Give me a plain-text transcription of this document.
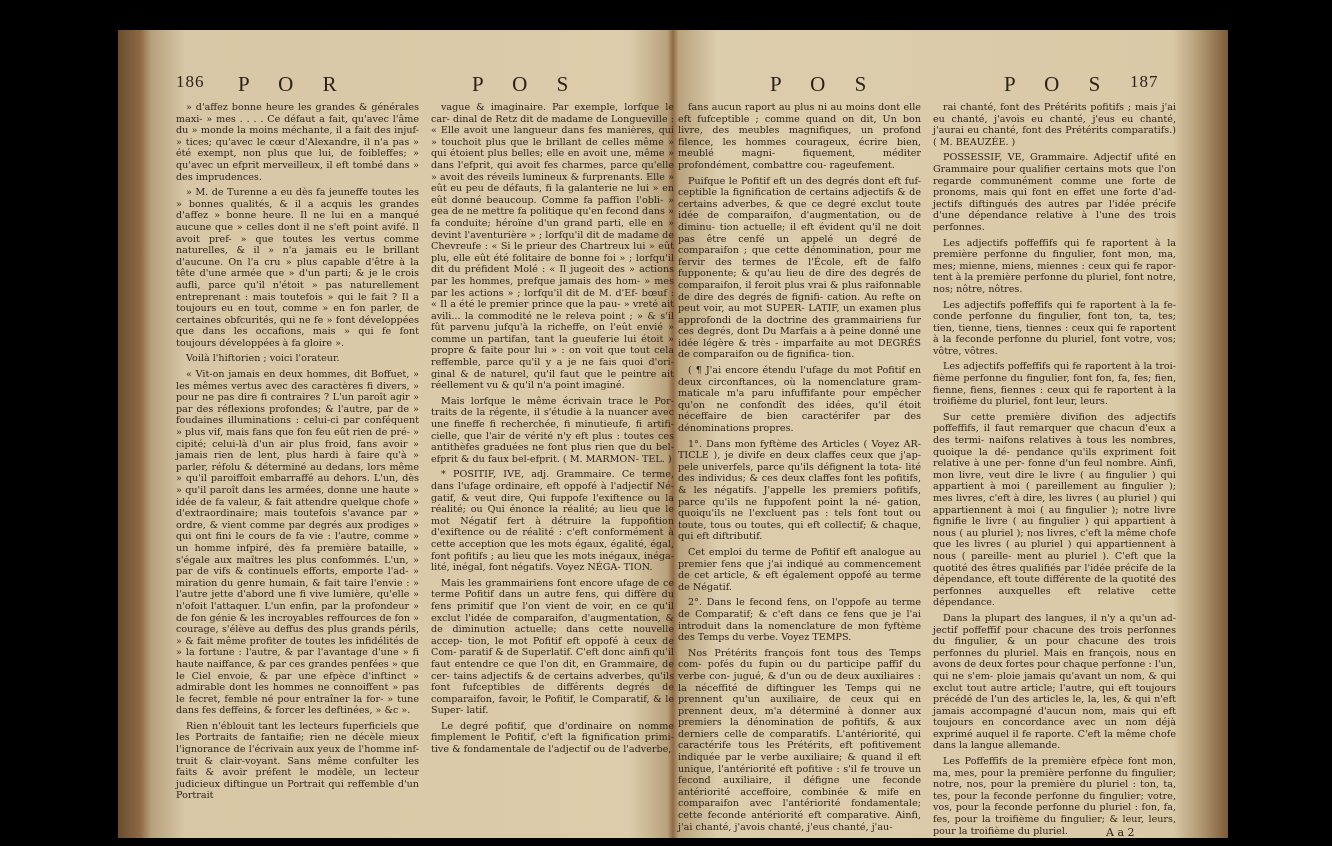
186 P O R	P O S

» d'affez bonne heure les grandes & générales maxi- » mes . . . . Ce défaut a fait, qu'avec l'âme du » monde la moins méchante, il a fait des injuf- » tices; qu'avec le cœur d'Alexandre, il n'a pas » été exempt, non plus que lui, de foibleffes; » qu'avec un efprit merveilleux, il eft tombé dans » des imprudences.

» M. de Turenne a eu dès fa jeuneffe toutes les » bonnes qualités, & il a acquis les grandes d'affez » bonne heure. Il ne lui en a manqué aucune que » celles dont il ne s'eft point avifé. Il avoit pref- » que toutes les vertus comme naturelles, & il » n'a jamais eu le brillant d'aucune. On l'a cru » plus capable d'être à la tête d'une armée que » d'un parti; & je le crois aufli, parce qu'il n'étoit » pas naturellement entreprenant : mais toutefois » qui le fait ? Il a toujours eu en tout, comme » en fon parler, de certaines obfcurités, qui ne fe » font développées que dans les occafions, mais » qui fe font toujours développées à fa gloire ».

Voilà l'hiftorien ; voici l'orateur.

« Vit-on jamais en deux hommes, dit Boffuet, » les mêmes vertus avec des caractères fi divers, » pour ne pas dire fi contraires ? L'un paroît agir » par des réflexions profondes; & l'autre, par de » foudaines illuminations : celui-ci par conféquent » plus vif, mais fans que fon feu eût rien de pré- » cipité; celui-là d'un air plus froid, fans avoir » jamais rien de lent, plus hardi à faire qu'à » parler, réfolu & déterminé au dedans, lors même » qu'il paroiffoit embarraffé au dehors. L'un, dès » qu'il paroît dans les armées, donne une haute » idée de fa valeur, & fait attendre quelque chofe » d'extraordinaire; mais toutefois s'avance par » ordre, & vient comme par degrés aux prodiges » qui ont fini le cours de fa vie : l'autre, comme » un homme infpiré, dès fa première bataille, » s'égale aux maîtres les plus confommés. L'un, » par de vifs & continuels efforts, emporte l'ad- » miration du genre humain, & fait taire l'envie : » l'autre jette d'abord une fi vive lumière, qu'elle » n'ofoit l'attaquer. L'un enfin, par la profondeur » de fon génie & les incroyables reffources de fon » courage, s'élève au deffus des plus grands périls, » & fait même profiter de toutes les infidélités de » la fortune : l'autre, & par l'avantage d'une » fi haute naiffance, & par ces grandes penfées » que le Ciel envoie, & par une efpèce d'inftinct » admirable dont les hommes ne connoiffent » pas le fecret, femble né pour entraîner la for- » tune dans fes deffeins, & forcer les deftinées, » &c ».

Rien n'éblouit tant les lecteurs fuperficiels que les Portraits de fantaifie; rien ne décèle mieux l'ignorance de l'écrivain aux yeux de l'homme inf- truit & clair-voyant. Sans même confulter les faits & avoir préfent le modèle, un lecteur judicieux diftingue un Portrait qui reffemble d'un Portrait

vague & imaginaire. Par exemple, lorfque le car- dinal de Retz dit de madame de Longueville : « Elle avoit une langueur dans fes manières, qui » touchoit plus que le brillant de celles même » qui étoient plus belles; elle en avoit une, même » dans l'efprit, qui avoit fes charmes, parce qu'elle » avoit des réveils lumineux & furprenants. Elle » eût eu peu de défauts, fi la galanterie ne lui » en eût donné beaucoup. Comme fa paffion l'obli- » gea de ne mettre fa politique qu'en fecond dans » fa conduite; héroïne d'un grand parti, elle en » devint l'aventurière » ; lorfqu'il dit de madame de Chevreufe : « Si le prieur des Chartreux lui » eût plu, elle eût été folitaire de bonne foi » ; lorfqu'il dit du préfident Molé : « Il jugeoit des » actions par les hommes, prefque jamais des hom- » mes par les actions » ; lorfqu'il dit de M. d'Ef- bœuf : « Il a été le premier prince que la pau- » vreté ait avili... la commodité ne le releva point ; » & s'il fût parvenu jufqu'à la richeffe, on l'eût envié » comme un partifan, tant la gueuferie lui étoit » propre & faite pour lui » : on voit que tout cela reffemble, parce qu'il y a je ne fais quoi d'ori- ginal & de naturel, qu'il faut que le peintre ait réellement vu & qu'il n'a point imaginé.

Mais lorfque le même écrivain trace le Por- traits de la régente, il s'étudie à la nuancer avec une fineffe fi recherchée, fi minutieufe, fi artifi- cielle, que l'air de vérité n'y eft plus : toutes ces antithèfes graduées ne font plus rien que du bel-efprit & du faux bel-efprit. ( M. MARMON- TEL. )

* POSITIF, IVE, adj. Grammaire. Ce terme, dans l'ufage ordinaire, eft oppofé à l'adjectif Né- gatif, & veut dire, Qui fuppofe l'exiftence ou la réalité; ou Qui énonce la réalité; au lieu que le mot Négatif fert à détruire la fuppofition d'exiftence ou de réalité : c'eft conformément à cette acception que les mots égaux, égalité, égal, font pofitifs ; au lieu que les mots inégaux, inéga- lité, inégal, font négatifs. Voyez NÉGA- TION.

Mais les grammairiens font encore ufage de ce terme Pofitif dans un autre fens, qui diffère du fens primitif que l'on vient de voir, en ce qu'il exclut l'idée de comparaifon, d'augmentation, & de diminution actuelle; dans cette nouvelle accep- tion, le mot Pofitif eft oppofé à ceux de Com- paratif & de Superlatif. C'eft donc ainfi qu'il faut entendre ce que l'on dit, en Grammaire, de cer- tains adjectifs & de certains adverbes, qu'ils font fufceptibles de différents degrés de comparaifon, favoir, le Pofitif, le Comparatif, & le Super- latif.

Le degré pofitif, que d'ordinaire on nomme fimplement le Pofitif, c'eft la fignification primi- tive & fondamentale de l'adjectif ou de l'adverbe,

P O S	P O S 187

fans aucun raport au plus ni au moins dont elle eft fufceptible ; comme quand on dit, Un bon livre, des meubles magnifiques, un profond filence, les hommes courageux, écrire bien, meublé magni- fiquement, méditer profondément, combattre cou- rageufement.

Puifque le Pofitif eft un des degrés dont eft fuf- ceptible la fignification de certains adjectifs & de certains adverbes, & que ce degré exclut toute idée de comparaifon, d'augmentation, ou de diminu- tion actuelle; il eft évident qu'il ne doit pas être cenfé un appelé un degré de comparaifon ; que cette dénomination, pour me fervir des termes de l'École, eft de falfo fupponente; & qu'au lieu de dire des degrés de comparaifon, il feroit plus vrai & plus raifonnable de dire des degrés de fignifi- cation. Au refte on peut voir, au mot SUPER- LATIF, un examen plus approfondi de la doctrine des grammairiens fur ces degrés, dont Du Marfais a à peine donné une idée légère & très - imparfaite au mot DEGRÉS de comparaifon ou de fignifica- tion.

( ¶ J'ai encore étendu l'ufage du mot Pofitif en deux circonftances, où la nomenclature gram- maticale m'a paru infuffifante pour empêcher qu'on ne confondît des idées, qu'il étoit néceffaire de bien caractérifer par des dénominations propres.

1°. Dans mon fyftème des Articles ( Voyez AR- TICLE ), je divife en deux claffes ceux que j'ap- pele univerfels, parce qu'ils défignent la tota- lité des individus; & ces deux claffes font les pofitifs, & les négatifs. J'appelle les premiers pofitifs, parce qu'ils ne fuppofent point la né- gation, quoiqu'ils ne l'excluent pas : tels font tout ou toute, tous ou toutes, qui eft collectif; & chaque, qui eft diftributif.

Cet emploi du terme de Pofitif eft analogue au premier fens que j'ai indiqué au commencement de cet article, & eft également oppofé au terme de Négatif.

2°. Dans le fecond fens, on l'oppofe au terme de Comparatif; & c'eft dans ce fens que je l'ai introduit dans la nomenclature de mon fyftème des Temps du verbe. Voyez TEMPS.

Nos Prétérits françois font tous des Temps com- pofés du fupin ou du participe paffif du verbe con- jugué, & d'un ou de deux auxiliaires : la néceffité de diftinguer les Temps qui ne prennent qu'un auxiliaire, de ceux qui en prennent deux, m'a déterminé à donner aux premiers la dénomination de pofitifs, & aux derniers celle de comparatifs. L'antériorité, qui caractérife tous les Prétérits, eft pofitivement indiquée par le verbe auxiliaire; & quand il eft unique, l'antériorité eft pofitive : s'il fe trouve un fecond auxiliaire, il défigne une feconde antériorité acceffoire, combinée & mife en comparaifon avec l'antériorité fondamentale; cette feconde antériorité eft comparative. Ainfi, j'ai chanté, j'avois chanté, j'eus chanté, j'au-

rai chanté, font des Prétérits pofitifs ; mais j'ai eu chanté, j'avois eu chanté, j'eus eu chanté, j'aurai eu chanté, font des Prétérits comparatifs.) ( M. BEAUZÉE. )

POSSESSIF, VE, Grammaire. Adjectif ufité en Grammaire pour qualifier certains mots que l'on regarde communément comme une forte de pronoms, mais qui font en effet une forte d'ad- jectifs diftingués des autres par l'idée précife d'une dépendance relative à l'une des trois perfonnes.

Les adjectifs poffeffifs qui fe raportent à la première perfonne du fingulier, font mon, ma, mes; mienne, miens, miennes : ceux qui fe rapor- tent à la première perfonne du pluriel, font notre, nos; nôtre, nôtres.

Les adjectifs poffeffifs qui fe raportent à la fe- conde perfonne du fingulier, font ton, ta, tes; tien, tienne, tiens, tiennes : ceux qui fe raportent à la feconde perfonne du pluriel, font votre, vos; vôtre, vôtres.

Les adjectifs poffeffifs qui fe raportent à la troi- fième perfonne du fingulier, font fon, fa, fes; fien, fienne, fiens, fiennes : ceux qui fe raportent à la troifième du pluriel, font leur, leurs.

Sur cette première divifion des adjectifs poffeffifs, il faut remarquer que chacun d'eux a des termi- naifons relatives à tous les nombres, quoique la dé- pendance qu'ils expriment foit relative à une per- fonne d'un feul nombre. Ainfi, mon livre, veut dire le livre ( au fingulier ) qui appartient à moi ( pareillement au fingulier ); mes livres, c'eft à dire, les livres ( au pluriel ) qui appartiennent à moi ( au fingulier ); notre livre fignifie le livre ( au fingulier ) qui appartient à nous ( au pluriel ); nos livres, c'eft la même chofe que les livres ( au pluriel ) qui appartiennent à nous ( pareille- ment au pluriel ). C'eft que la quotité des êtres qualifiés par l'idée précife de la dépendance, eft toute différente de la quotité des perfonnes auxquelles eft relative cette dépendance.

Dans la plupart des langues, il n'y a qu'un ad- jectif poffeffif pour chacune des trois perfonnes du fingulier, & un pour chacune des trois perfonnes du pluriel. Mais en françois, nous en avons de deux fortes pour chaque perfonne : l'un, qui ne s'em- ploie jamais qu'avant un nom, & qui exclut tout autre article; l'autre, qui eft toujours précédé de l'un des articles le, la, les, & qui n'eft jamais accompagné d'aucun nom, mais qui eft toujours en concordance avec un nom déjà exprimé auquel il fe raporte. C'eft la même chofe dans la langue allemande.

Les Poffeffifs de la première efpèce font mon, ma, mes, pour la première perfonne du fingulier; notre, nos, pour la première du pluriel : ton, ta, tes, pour la feconde perfonne du fingulier; votre, vos, pour la feconde perfonne du pluriel : fon, fa, fes, pour la troifième du fingulier; & leur, leurs, pour la troifième du pluriel.	A a 2
